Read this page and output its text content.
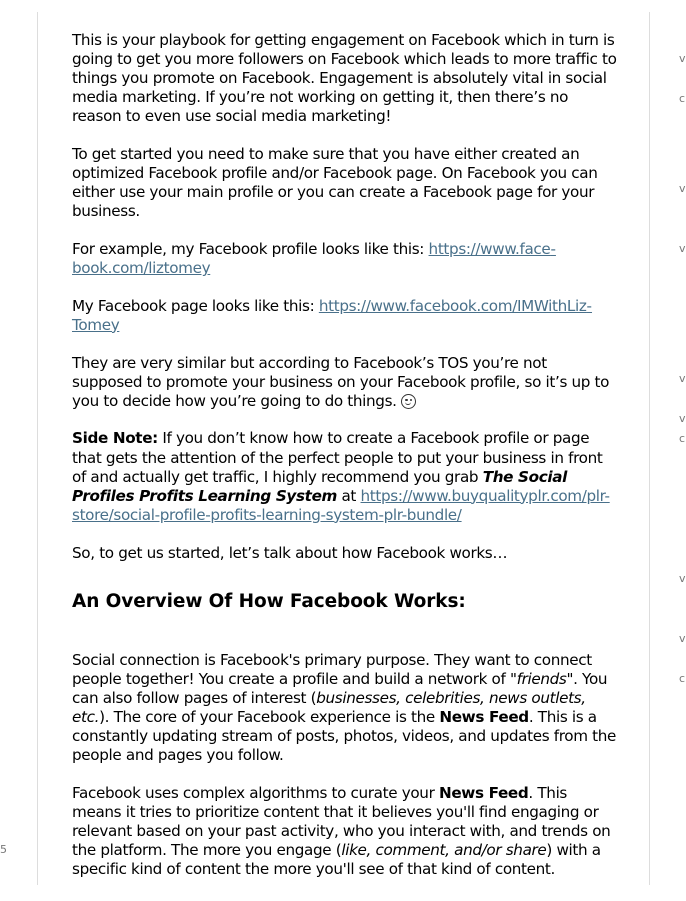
5
v
v
c
v
v
v
c
v
v
c

This is your playbook for getting engagement on Facebook which in turn is going to get you more followers on Facebook which leads to more traffic to things you promote on Facebook. Engagement is absolutely vital in social media marketing. If you’re not working on getting it, then there’s no reason to even use social media marketing!

To get started you need to make sure that you have either created an optimized Facebook profile and/or Facebook page. On Facebook you can either use your main profile or you can create a Facebook page for your business.

For example, my Facebook profile looks like this: https://www.facebook.com/liztomey

My Facebook page looks like this: https://www.facebook.com/IMWithLizTomey

They are very similar but according to Facebook’s TOS you’re not supposed to promote your business on your Facebook profile, so it’s up to you to decide how you’re going to do things.

Side Note: If you don’t know how to create a Facebook profile or page that gets the attention of the perfect people to put your business in front of and actually get traffic, I highly recommend you grab The Social Profiles Profits Learning System at https://www.buyqualityplr.com/plr-store/social-profile-profits-learning-system-plr-bundle/

So, to get us started, let’s talk about how Facebook works…

An Overview Of How Facebook Works:

Social connection is Facebook's primary purpose. They want to connect people together! You create a profile and build a network of "friends". You can also follow pages of interest (businesses, celebrities, news outlets, etc.). The core of your Facebook experience is the News Feed. This is a constantly updating stream of posts, photos, videos, and updates from the people and pages you follow.

Facebook uses complex algorithms to curate your News Feed. This means it tries to prioritize content that it believes you'll find engaging or relevant based on your past activity, who you interact with, and trends on the platform. The more you engage (like, comment, and/or share) with a specific kind of content the more you'll see of that kind of content.
